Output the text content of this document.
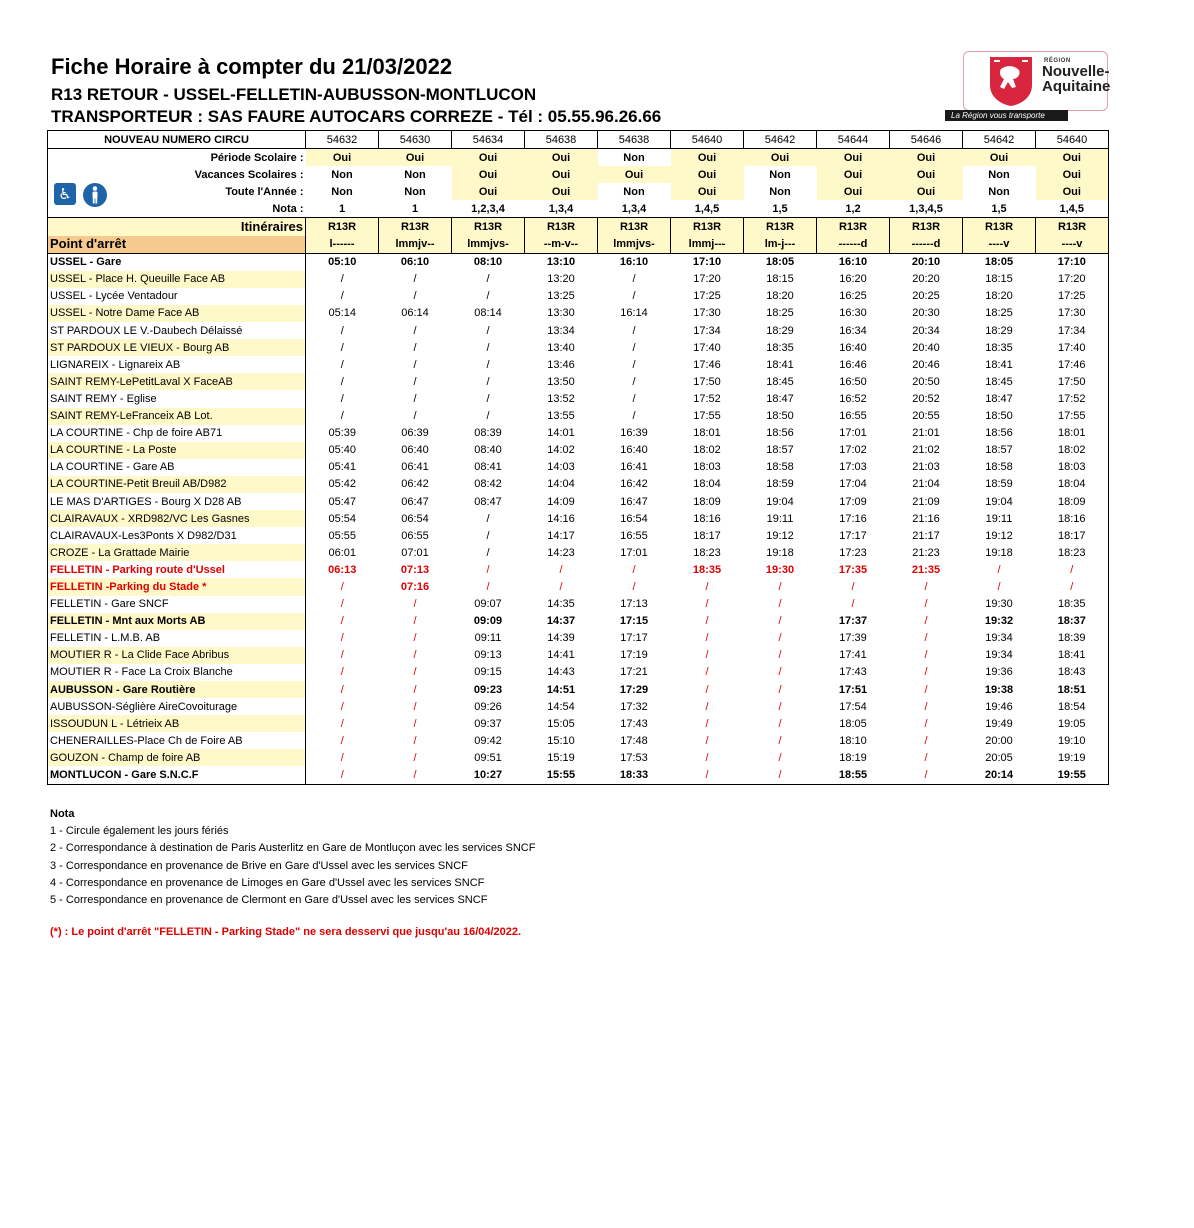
Fiche Horaire à compter du 21/03/2022
R13 RETOUR - USSEL-FELLETIN-AUBUSSON-MONTLUCON
TRANSPORTEUR : SAS FAURE AUTOCARS CORREZE - Tél : 05.55.96.26.66
RÉGION
Nouvelle-
Aquitaine
La Région vous transporte
♿
NOUVEAU NUMERO CIRCU	54632	54630	54634	54638	54638	54640	54642	54644	54646	54642	54640
Période Scolaire :	Oui	Oui	Oui	Oui	Non	Oui	Oui	Oui	Oui	Oui	Oui
Vacances Scolaires :	Non	Non	Oui	Oui	Oui	Oui	Non	Oui	Oui	Non	Oui
Toute l'Année :	Non	Non	Oui	Oui	Non	Oui	Non	Oui	Oui	Non	Oui
Nota :	1	1	1,2,3,4	1,3,4	1,3,4	1,4,5	1,5	1,2	1,3,4,5	1,5	1,4,5
Itinéraires	R13R	R13R	R13R	R13R	R13R	R13R	R13R	R13R	R13R	R13R	R13R
Point d'arrêt	l------	lmmjv--	lmmjvs-	--m-v--	lmmjvs-	lmmj---	lm-j---	------d	------d	----v	----v
USSEL - Gare	05:10	06:10	08:10	13:10	16:10	17:10	18:05	16:10	20:10	18:05	17:10
USSEL - Place H. Queuille Face AB	/	/	/	13:20	/	17:20	18:15	16:20	20:20	18:15	17:20
USSEL - Lycée Ventadour	/	/	/	13:25	/	17:25	18:20	16:25	20:25	18:20	17:25
USSEL - Notre Dame Face AB	05:14	06:14	08:14	13:30	16:14	17:30	18:25	16:30	20:30	18:25	17:30
ST PARDOUX LE V.-Daubech Délaissé	/	/	/	13:34	/	17:34	18:29	16:34	20:34	18:29	17:34
ST PARDOUX LE VIEUX - Bourg AB	/	/	/	13:40	/	17:40	18:35	16:40	20:40	18:35	17:40
LIGNAREIX - Lignareix AB	/	/	/	13:46	/	17:46	18:41	16:46	20:46	18:41	17:46
SAINT REMY-LePetitLaval X FaceAB	/	/	/	13:50	/	17:50	18:45	16:50	20:50	18:45	17:50
SAINT REMY - Eglise	/	/	/	13:52	/	17:52	18:47	16:52	20:52	18:47	17:52
SAINT REMY-LeFranceix AB Lot.	/	/	/	13:55	/	17:55	18:50	16:55	20:55	18:50	17:55
LA COURTINE - Chp de foire AB71	05:39	06:39	08:39	14:01	16:39	18:01	18:56	17:01	21:01	18:56	18:01
LA COURTINE - La Poste	05:40	06:40	08:40	14:02	16:40	18:02	18:57	17:02	21:02	18:57	18:02
LA COURTINE - Gare AB	05:41	06:41	08:41	14:03	16:41	18:03	18:58	17:03	21:03	18:58	18:03
LA COURTINE-Petit Breuil AB/D982	05:42	06:42	08:42	14:04	16:42	18:04	18:59	17:04	21:04	18:59	18:04
LE MAS D'ARTIGES - Bourg X D28 AB	05:47	06:47	08:47	14:09	16:47	18:09	19:04	17:09	21:09	19:04	18:09
CLAIRAVAUX - XRD982/VC Les Gasnes	05:54	06:54	/	14:16	16:54	18:16	19:11	17:16	21:16	19:11	18:16
CLAIRAVAUX-Les3Ponts X D982/D31	05:55	06:55	/	14:17	16:55	18:17	19:12	17:17	21:17	19:12	18:17
CROZE - La Grattade Mairie	06:01	07:01	/	14:23	17:01	18:23	19:18	17:23	21:23	19:18	18:23
FELLETIN - Parking route d'Ussel	06:13	07:13	/	/	/	18:35	19:30	17:35	21:35	/	/
FELLETIN -Parking du Stade *	/	07:16	/	/	/	/	/	/	/	/	/
FELLETIN - Gare SNCF	/	/	09:07	14:35	17:13	/	/	/	/	19:30	18:35
FELLETIN - Mnt aux Morts AB	/	/	09:09	14:37	17:15	/	/	17:37	/	19:32	18:37
FELLETIN - L.M.B. AB	/	/	09:11	14:39	17:17	/	/	17:39	/	19:34	18:39
MOUTIER R - La Clide Face Abribus	/	/	09:13	14:41	17:19	/	/	17:41	/	19:34	18:41
MOUTIER R - Face La Croix Blanche	/	/	09:15	14:43	17:21	/	/	17:43	/	19:36	18:43
AUBUSSON - Gare Routière	/	/	09:23	14:51	17:29	/	/	17:51	/	19:38	18:51
AUBUSSON-Séglière AireCovoiturage	/	/	09:26	14:54	17:32	/	/	17:54	/	19:46	18:54
ISSOUDUN L - Létrieix AB	/	/	09:37	15:05	17:43	/	/	18:05	/	19:49	19:05
CHENERAILLES-Place Ch de Foire AB	/	/	09:42	15:10	17:48	/	/	18:10	/	20:00	19:10
GOUZON - Champ de foire AB	/	/	09:51	15:19	17:53	/	/	18:19	/	20:05	19:19
MONTLUCON - Gare S.N.C.F	/	/	10:27	15:55	18:33	/	/	18:55	/	20:14	19:55
Nota
1 - Circule également les jours fériés
2 - Correspondance à destination de Paris Austerlitz en Gare de Montluçon avec les services SNCF
3 - Correspondance en provenance de Brive en Gare d'Ussel avec les services SNCF
4 - Correspondance en provenance de Limoges en Gare d'Ussel avec les services SNCF
5 - Correspondance en provenance de Clermont en Gare d'Ussel avec les services SNCF
(*) : Le point d'arrêt "FELLETIN - Parking Stade" ne sera desservi que jusqu'au 16/04/2022.
